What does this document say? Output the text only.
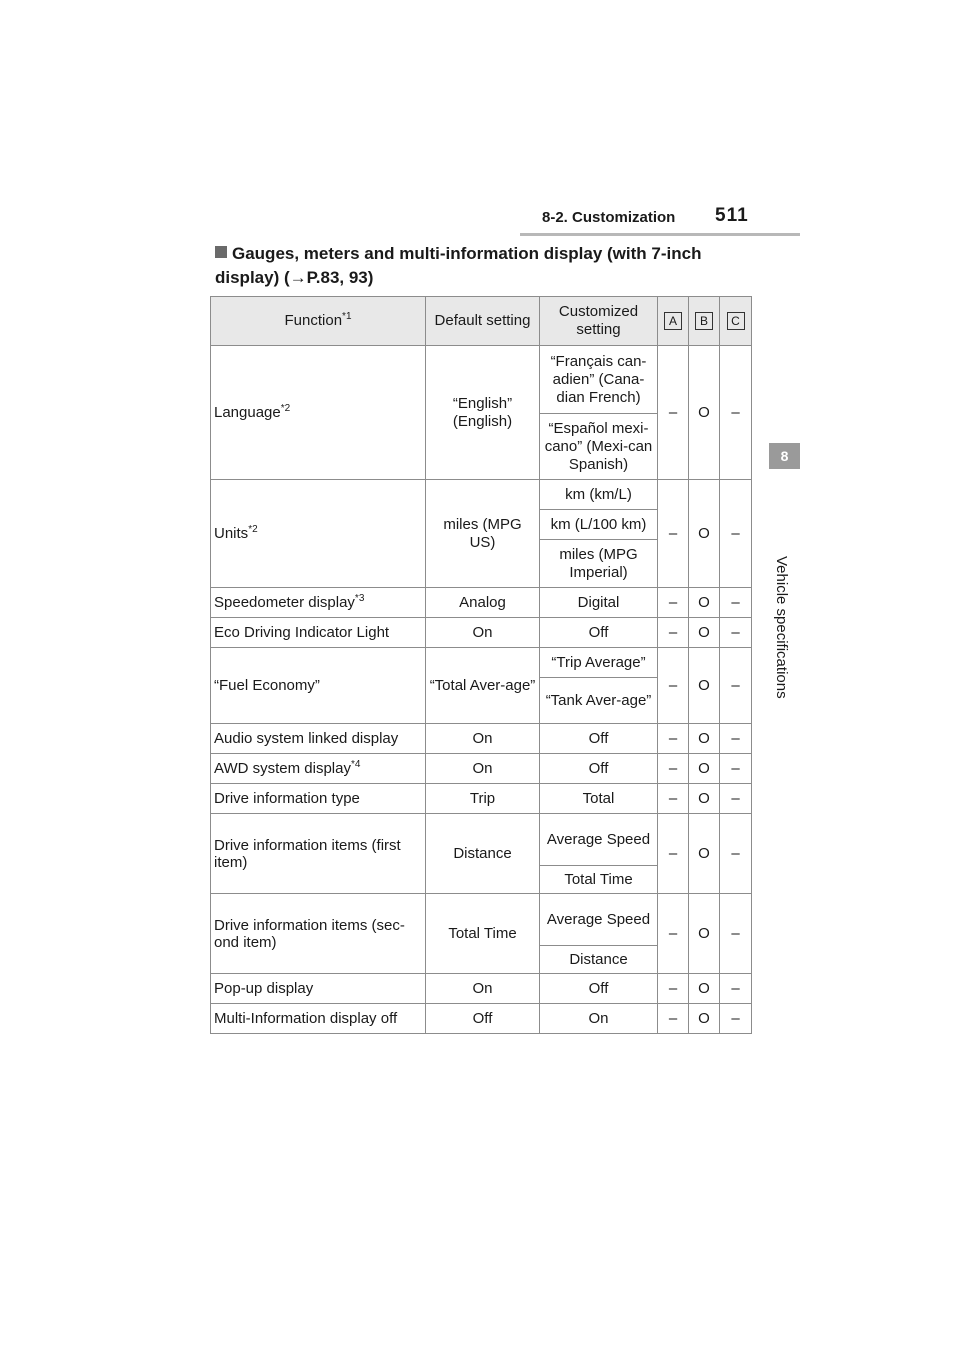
8-2. Customization 511
8
Vehicle specifications
Gauges, meters and multi-information display (with 7-inch
display) (→P.83, 93)
Function$^{*1}$	Default setting	Customized setting	A	B	C
Language$^{*2}$	“English” (English)	“Français can-adien” (Cana-dian French)	–	O	–
		“Español mexi-cano” (Mexi-can Spanish)			
Units$^{*2}$	miles (MPG US)	km (km/L)	–	O	–
		km (L/100 km)			
		miles (MPG Imperial)			
Speedometer display$^{*3}$	Analog	Digital	–	O	–
Eco Driving Indicator Light	On	Off	–	O	–
“Fuel Economy”	“Total Aver-age”	“Trip Average”	–	O	–
		“Tank Aver-age”			
Audio system linked display	On	Off	–	O	–
AWD system display$^{*4}$	On	Off	–	O	–
Drive information type	Trip	Total	–	O	–
Drive information items (first item)	Distance	Average Speed	–	O	–
		Total Time			
Drive information items (sec-ond item)	Total Time	Average Speed	–	O	–
		Distance			
Pop-up display	On	Off	–	O	–
Multi-Information display off	Off	On	–	O	–
